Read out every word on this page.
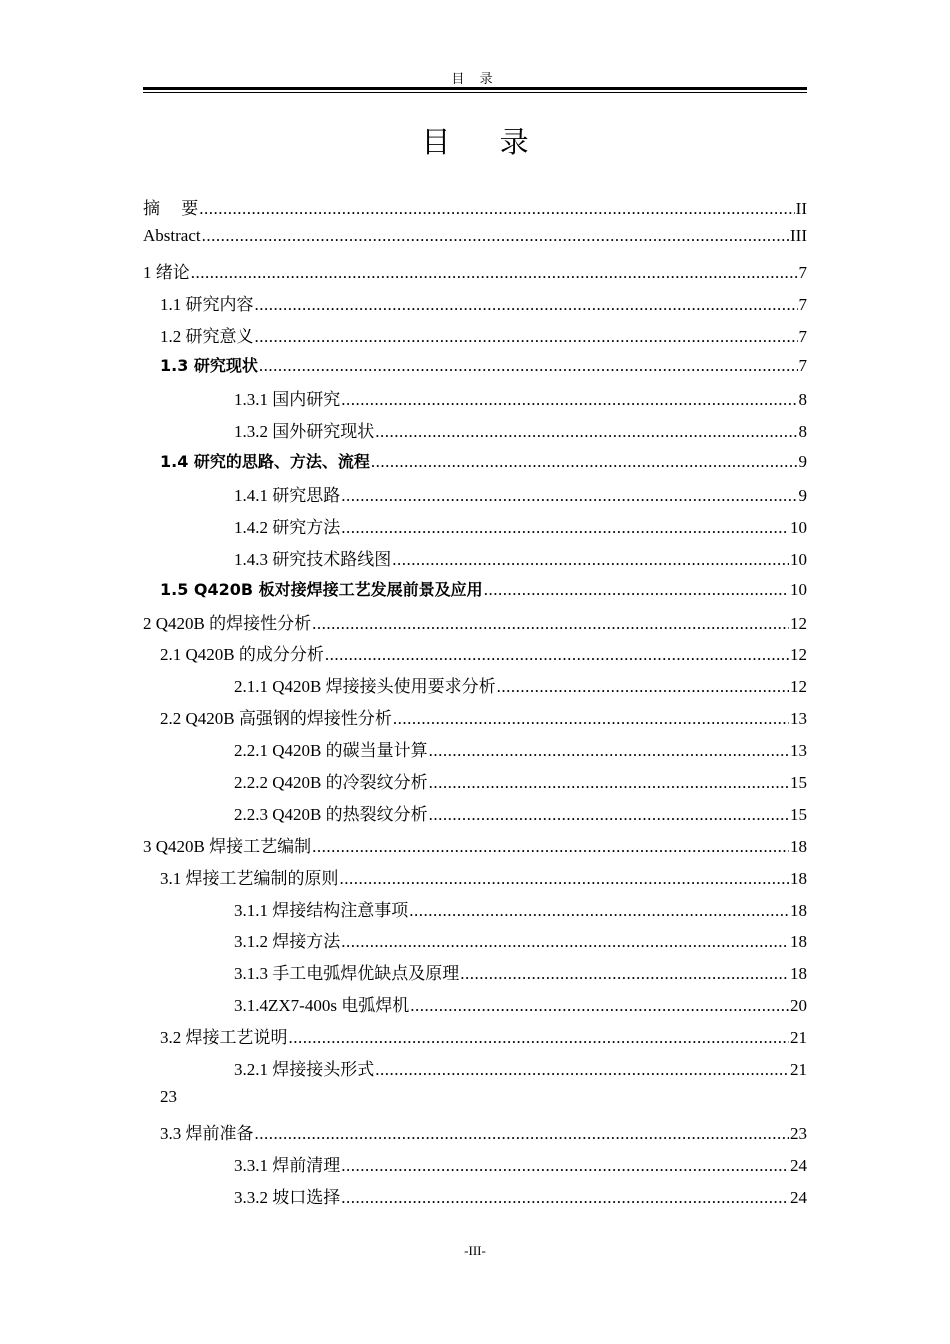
目 录
目 录
摘　 要 .....	II
Abstract .....	III
1 绪论 .....	7
1.1 研究内容 .....	7
1.2 研究意义 .....	7
1.3 研究现状 .....	7
1.3.1 国内研究 .....	8
1.3.2 国外研究现状 .....	8
1.4 研究的思路、方法、流程 .....	9
1.4.1 研究思路 .....	9
1.4.2 研究方法 .....	10
1.4.3 研究技术路线图 .....	10
1.5 Q420B 板对接焊接工艺发展前景及应用 .....	10
2 Q420B 的焊接性分析 .....	12
2.1 Q420B 的成分分析 .....	12
2.1.1 Q420B 焊接接头使用要求分析 .....	12
2.2 Q420B 高强钢的焊接性分析 .....	13
2.2.1 Q420B 的碳当量计算 .....	13
2.2.2 Q420B 的冷裂纹分析 .....	15
2.2.3 Q420B 的热裂纹分析 .....	15
3 Q420B 焊接工艺编制 .....	18
3.1 焊接工艺编制的原则 .....	18
3.1.1 焊接结构注意事项 .....	18
3.1.2 焊接方法 .....	18
3.1.3 手工电弧焊优缺点及原理 .....	18
3.1.4ZX7-400s 电弧焊机 .....	20
3.2 焊接工艺说明 .....	21
3.2.1 焊接接头形式 .....	21
23
3.3 焊前准备 .....	23
3.3.1 焊前清理 .....	24
3.3.2 坡口选择 .....	24
-III-
